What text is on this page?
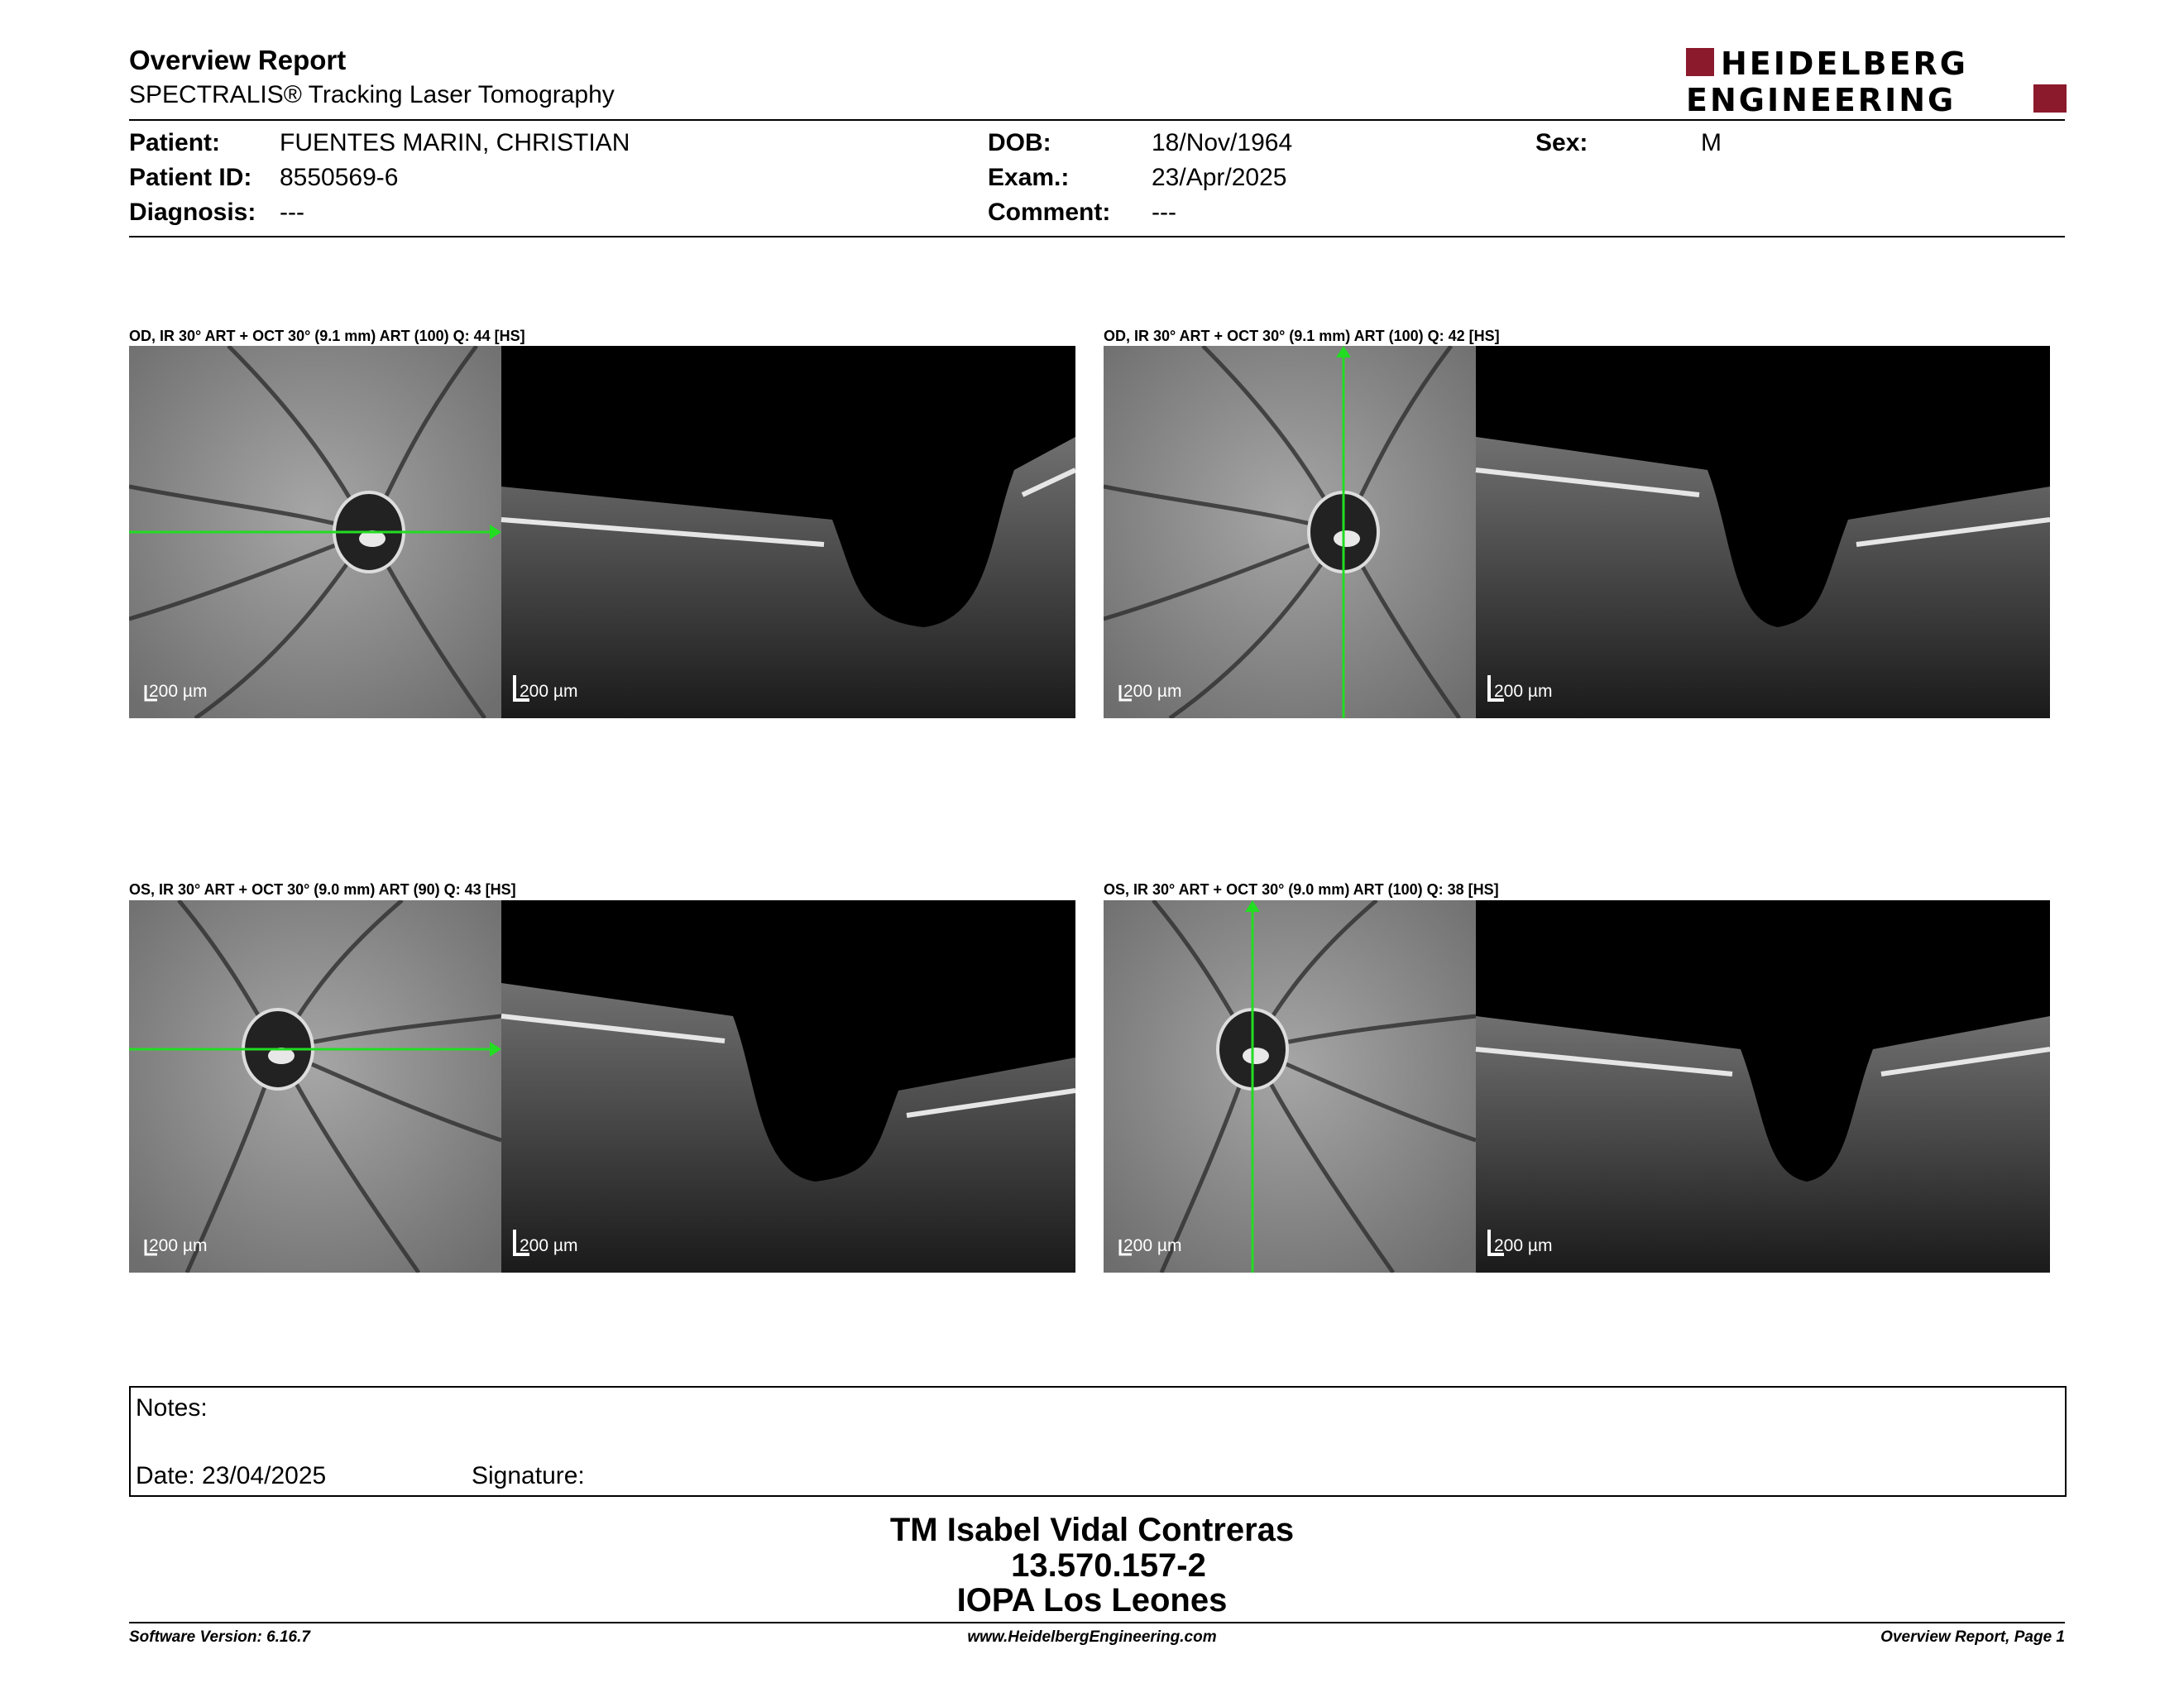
Overview Report
SPECTRALIS® Tracking Laser Tomography
HEIDELBERG
ENGINEERING
Patient: FUENTES MARIN, CHRISTIAN
Patient ID: 8550569-6
Diagnosis: ---
DOB:	18/Nov/1964
Exam.:	23/Apr/2025
Comment: ---
Sex:	M
OD, IR 30° ART + OCT 30° (9.1 mm) ART (100) Q: 44 [HS]	OD, IR 30° ART + OCT 30° (9.1 mm) ART (100) Q: 42 [HS]
OS, IR 30° ART + OCT 30° (9.0 mm) ART (90) Q: 43 [HS]	OS, IR 30° ART + OCT 30° (9.0 mm) ART (100) Q: 38 [HS]
200 µm	200 µm	200 µm	200 µm
200 µm	200 µm	200 µm	200 µm
Notes:
Date: 23/04/2025	Signature:
TM Isabel Vidal Contreras
13.570.157-2
IOPA Los Leones
Software Version: 6.16.7	www.HeidelbergEngineering.com	Overview Report, Page 1
